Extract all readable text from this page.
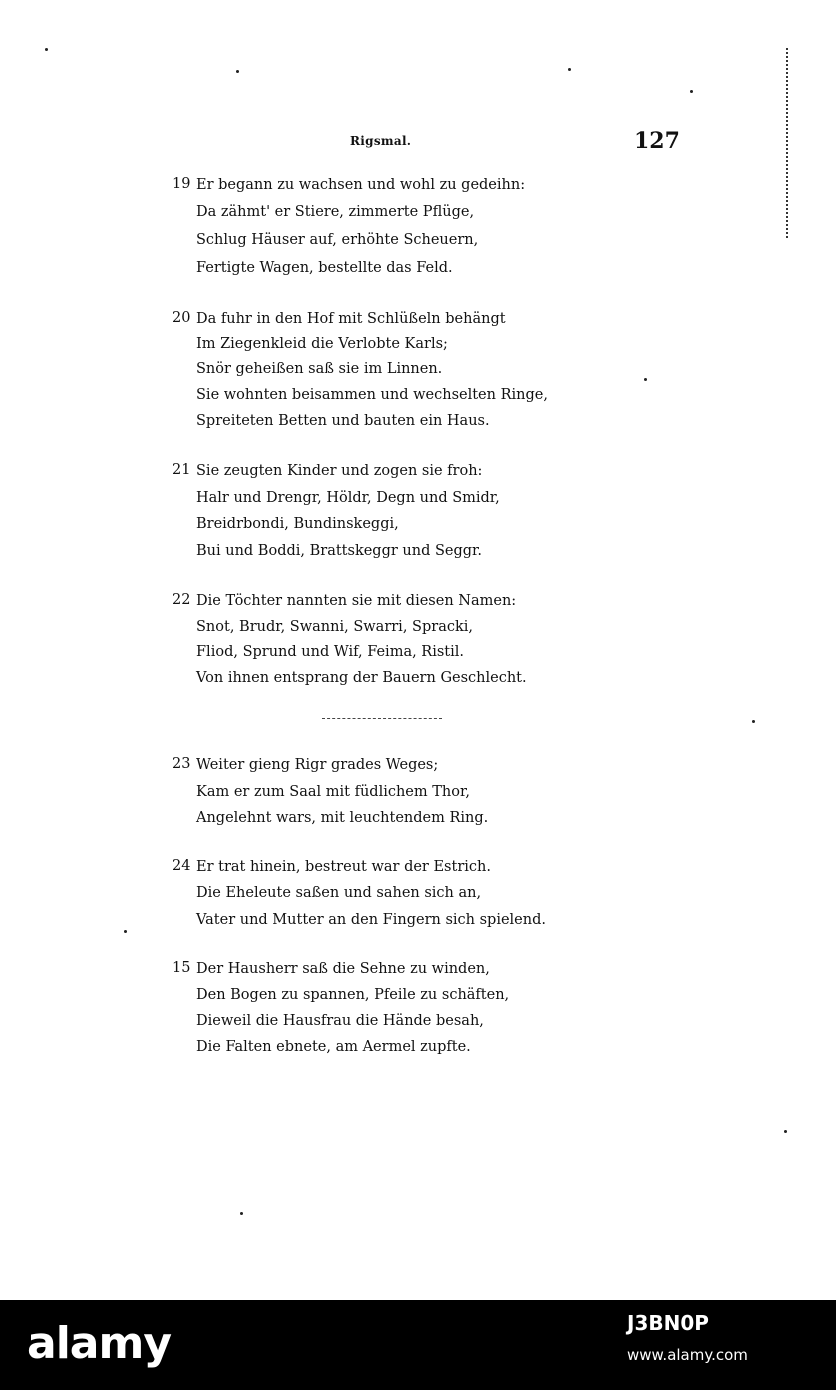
Rigsmal.	127
19 Er begann zu wachsen und wohl zu gedeihn:
Da zähmt' er Stiere, zimmerte Pflüge,
Schlug Häuser auf, erhöhte Scheuern,
Fertigte Wagen, bestellte das Feld.
20 Da fuhr in den Hof mit Schlüßeln behängt
Im Ziegenkleid die Verlobte Karls;
Snör geheißen saß sie im Linnen.
Sie wohnten beisammen und wechselten Ringe,
Spreiteten Betten und bauten ein Haus.
21 Sie zeugten Kinder und zogen sie froh:
Halr und Drengr, Höldr, Degn und Smidr,
Breidrbondi, Bundinskeggi,
Bui und Boddi, Brattskeggr und Seggr.
22 Die Töchter nannten sie mit diesen Namen:
Snot, Brudr, Swanni, Swarri, Spracki,
Fliod, Sprund und Wif, Feima, Ristil.
Von ihnen entsprang der Bauern Geschlecht.
23 Weiter gieng Rigr grades Weges;
Kam er zum Saal mit füdlichem Thor,
Angelehnt wars, mit leuchtendem Ring.
24 Er trat hinein, bestreut war der Estrich.
Die Eheleute saßen und sahen sich an,
Vater und Mutter an den Fingern sich spielend.
15 Der Hausherr saß die Sehne zu winden,
Den Bogen zu spannen, Pfeile zu schäften,
Dieweil die Hausfrau die Hände besah,
Die Falten ebnete, am Aermel zupfte.
alamy	J3BN0P
www.alamy.com
